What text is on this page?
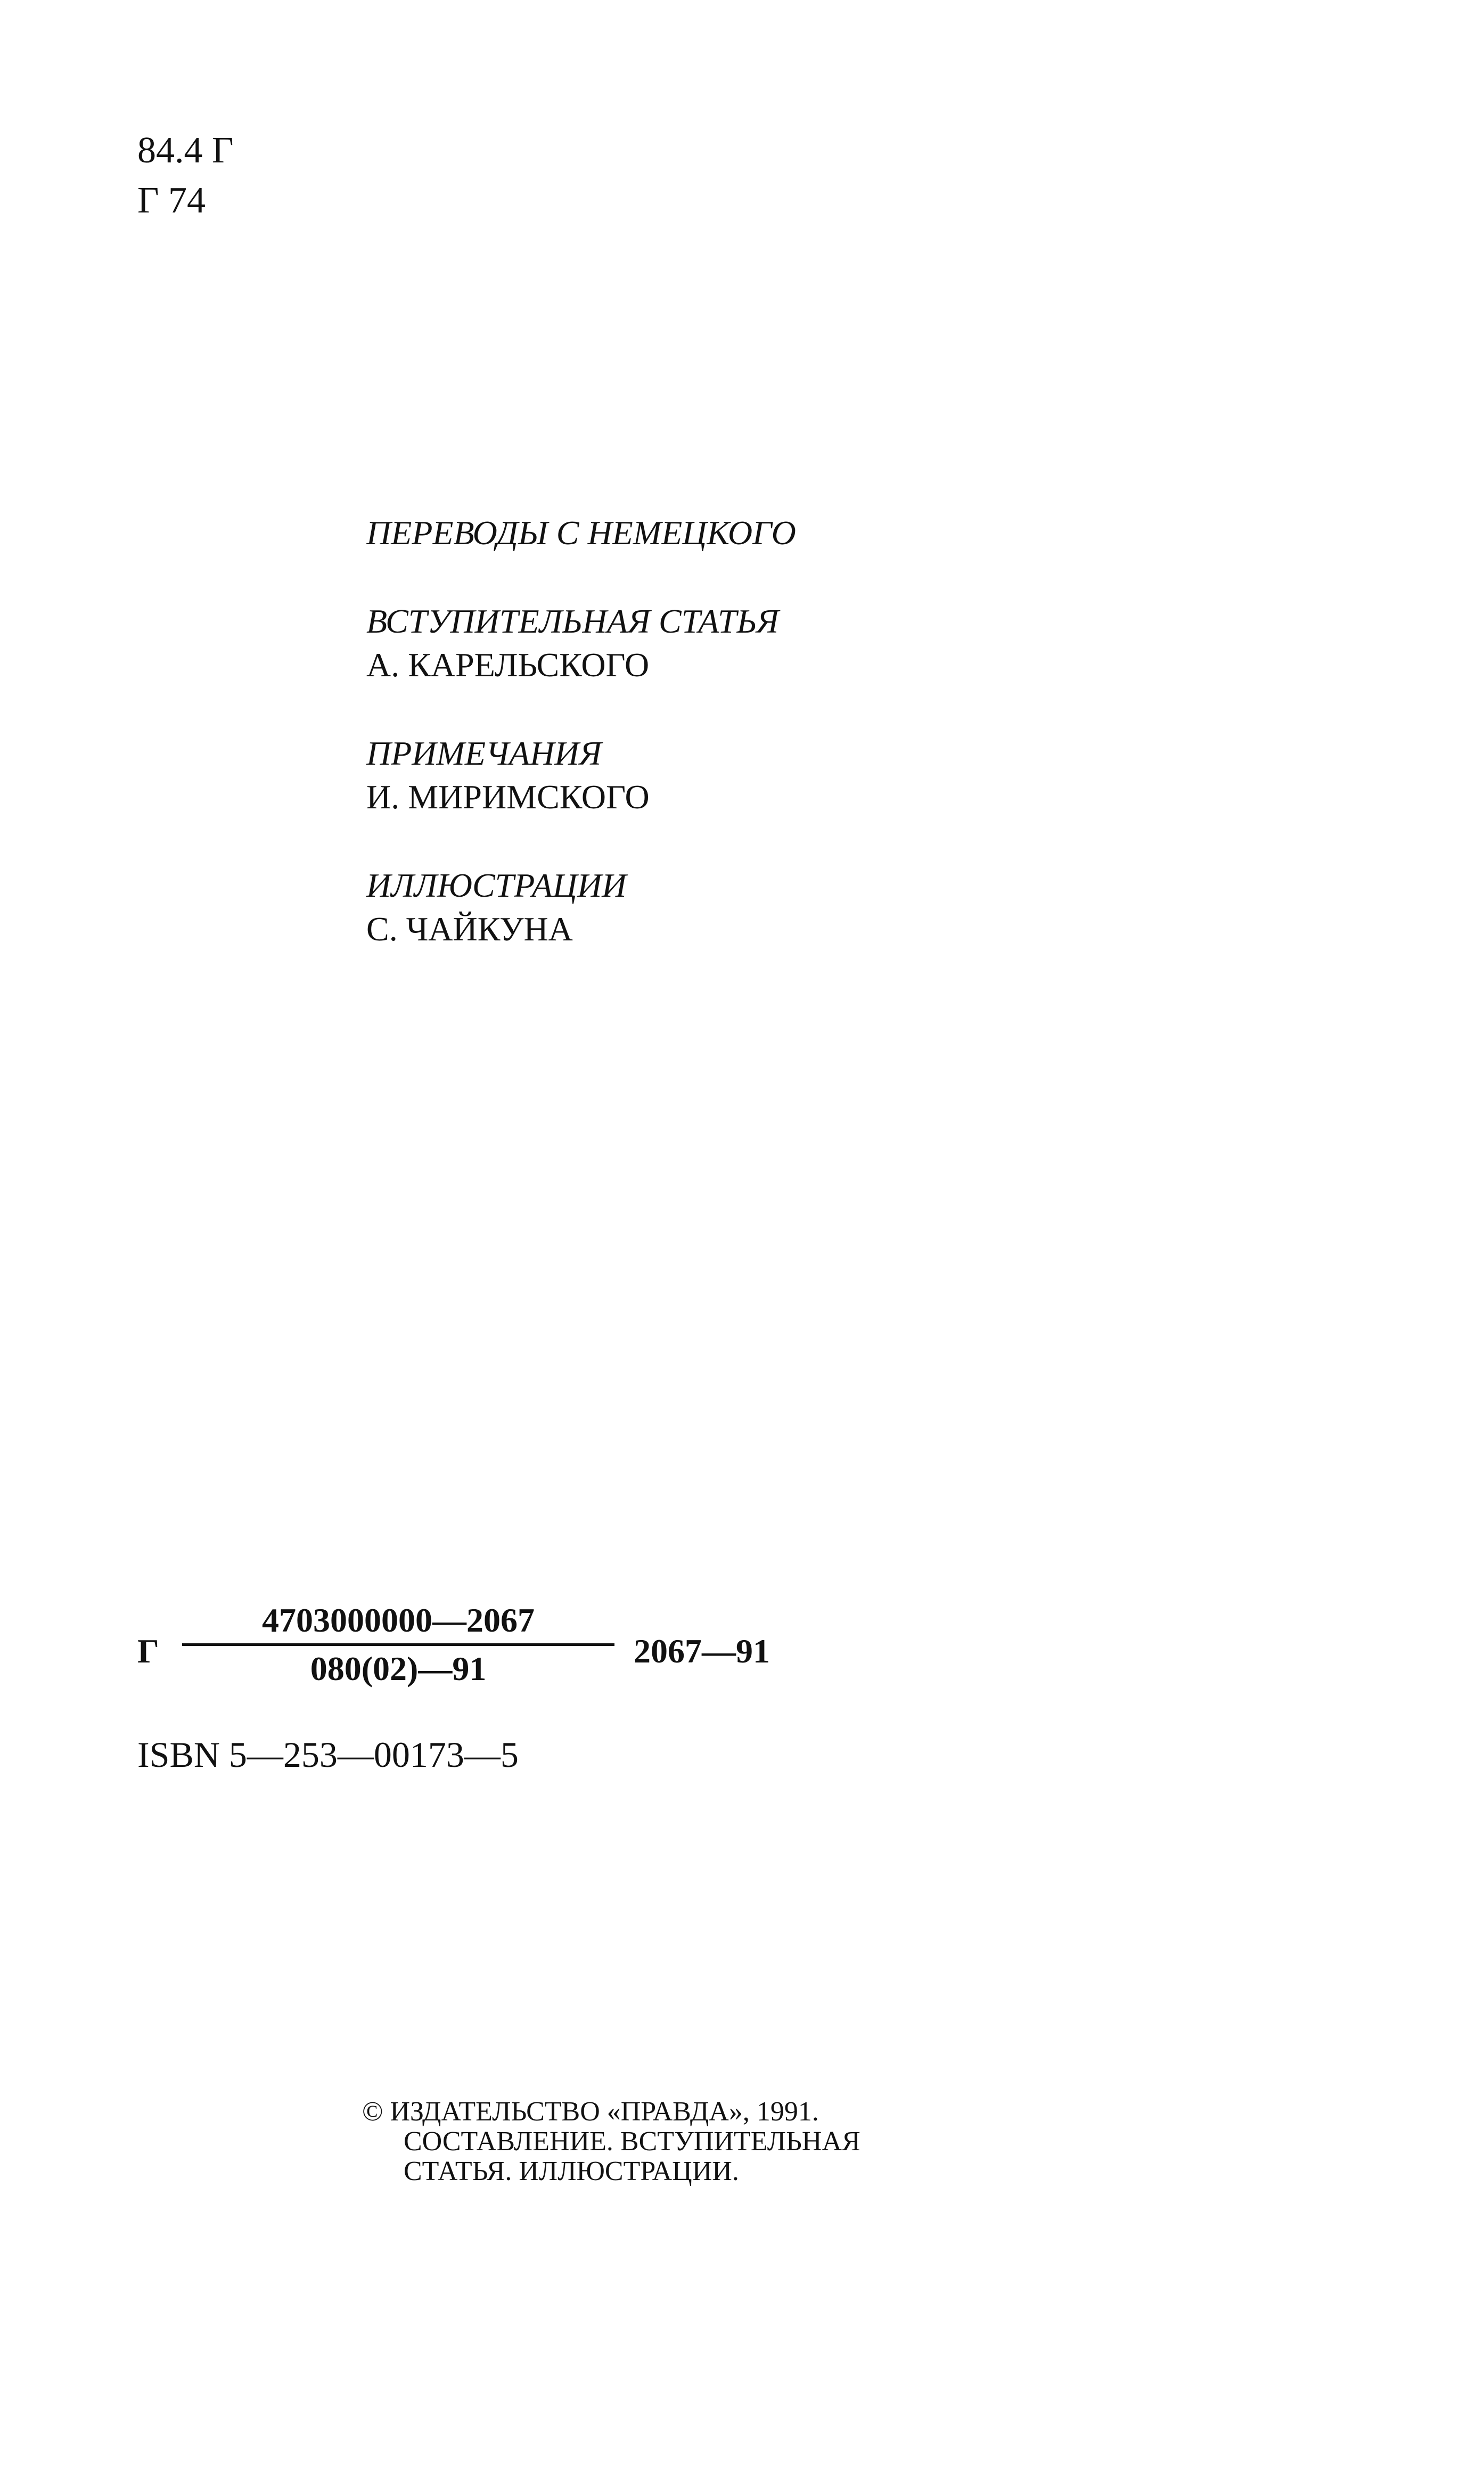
84.4 Г
Г 74
ПЕРЕВОДЫ С НЕМЕЦКОГО
ВСТУПИТЕЛЬНАЯ СТАТЬЯ
А. КАРЕЛЬСКОГО
ПРИМЕЧАНИЯ
И. МИРИМСКОГО
ИЛЛЮСТРАЦИИ
С. ЧАЙКУНА
Г
4703000000—2067
080(02)—91	2067—91
ISBN 5—253—00173—5
© ИЗДАТЕЛЬСТВО «ПРАВДА», 1991.
СОСТАВЛЕНИЕ. ВСТУПИТЕЛЬНАЯ
СТАТЬЯ. ИЛЛЮСТРАЦИИ.
